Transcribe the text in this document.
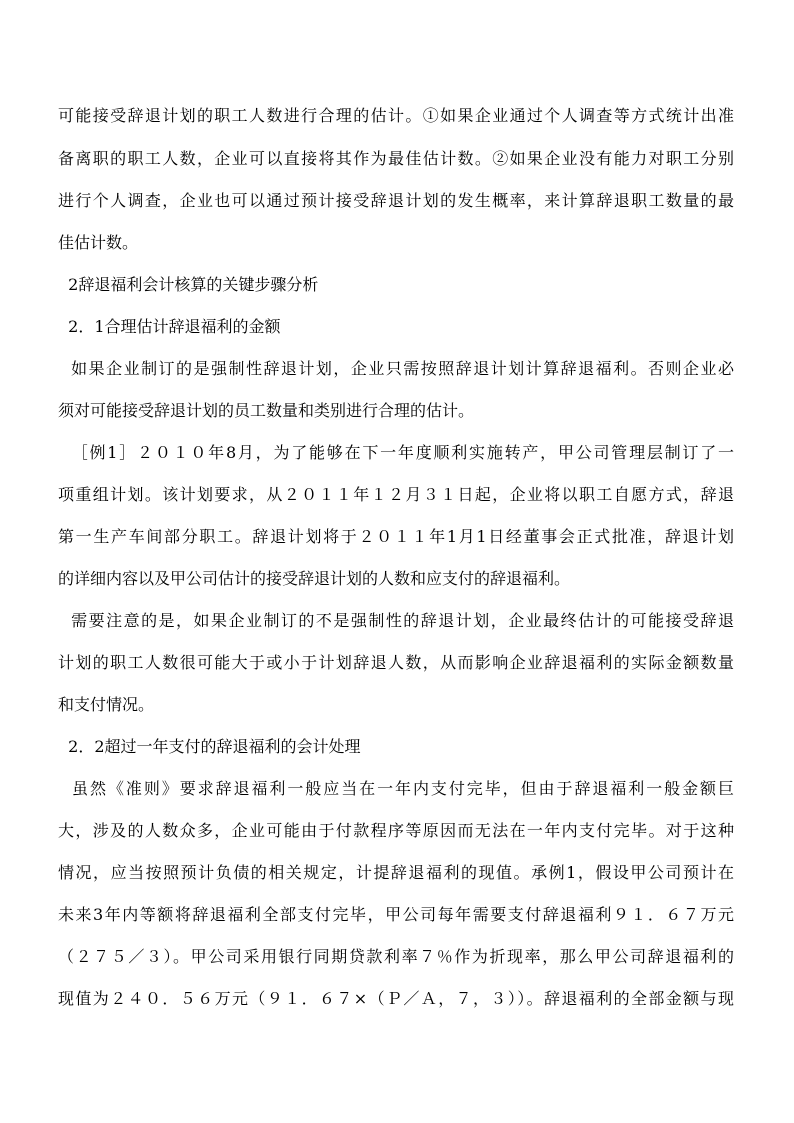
可能接受辞退计划的职工人数进行合理的估计。①如果企业通过个人调查等方式统计出准

备离职的职工人数，企业可以直接将其作为最佳估计数。②如果企业没有能力对职工分别

进行个人调查，企业也可以通过预计接受辞退计划的发生概率，来计算辞退职工数量的最

佳估计数。

2辞退福利会计核算的关键步骤分析

2．1合理估计辞退福利的金额

如果企业制订的是强制性辞退计划，企业只需按照辞退计划计算辞退福利。否则企业必

须对可能接受辞退计划的员工数量和类别进行合理的估计。

［例1］２０１０年8月，为了能够在下一年度顺利实施转产，甲公司管理层制订了一

项重组计划。该计划要求，从２０１１年１２月３１日起，企业将以职工自愿方式，辞退

第一生产车间部分职工。辞退计划将于２０１１年1月1日经董事会正式批准，辞退计划

的详细内容以及甲公司估计的接受辞退计划的人数和应支付的辞退福利。

需要注意的是，如果企业制订的不是强制性的辞退计划，企业最终估计的可能接受辞退

计划的职工人数很可能大于或小于计划辞退人数，从而影响企业辞退福利的实际金额数量

和支付情况。

2．2超过一年支付的辞退福利的会计处理

虽然《准则》要求辞退福利一般应当在一年内支付完毕，但由于辞退福利一般金额巨

大，涉及的人数众多，企业可能由于付款程序等原因而无法在一年内支付完毕。对于这种

情况，应当按照预计负债的相关规定，计提辞退福利的现值。承例1，假设甲公司预计在

未来3年内等额将辞退福利全部支付完毕，甲公司每年需要支付辞退福利９１．６７万元

（２７５／３）。甲公司采用银行同期贷款利率７％作为折现率，那么甲公司辞退福利的

现值为２４０．５６万元（９１．６７×（Ｐ／Ａ，７，３））。辞退福利的全部金额与现
